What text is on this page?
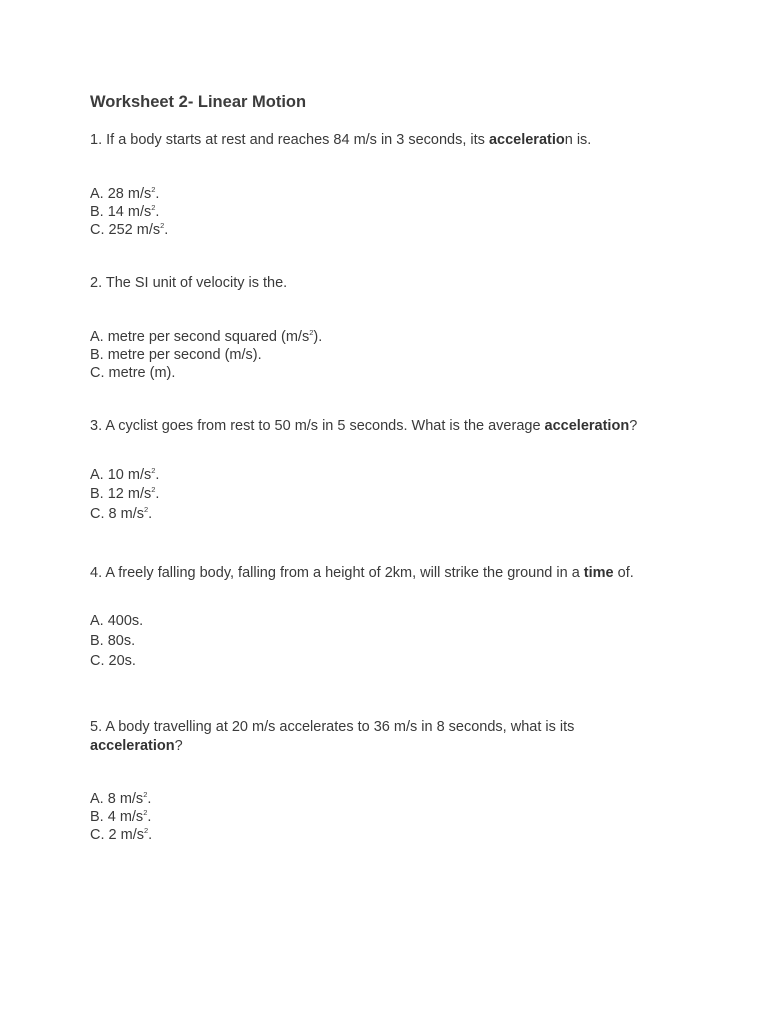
Worksheet 2- Linear Motion
1. If a body starts at rest and reaches 84 m/s in 3 seconds, its acceleration is.
A. 28 $m/s^2$.
B. 14 $m/s^2$.
C. 252 $m/s^2$.
2. The SI unit of velocity is the.
A. metre per second squared $(m/s^2)$.
B. metre per second (m/s).
C. metre (m).
3. A cyclist goes from rest to 50 m/s in 5 seconds. What is the average acceleration?
A. 10 $m/s^2$.
B. 12 $m/s^2$.
C. 8 $m/s^2$.
4. A freely falling body, falling from a height of 2km, will strike the ground in a time of.
A. 400s.
B. 80s.
C. 20s.
5. A body travelling at 20 m/s accelerates to 36 m/s in 8 seconds, what is its
acceleration?
A. 8 $m/s^2$.
B. 4 $m/s^2$.
C. 2 $m/s^2$.
